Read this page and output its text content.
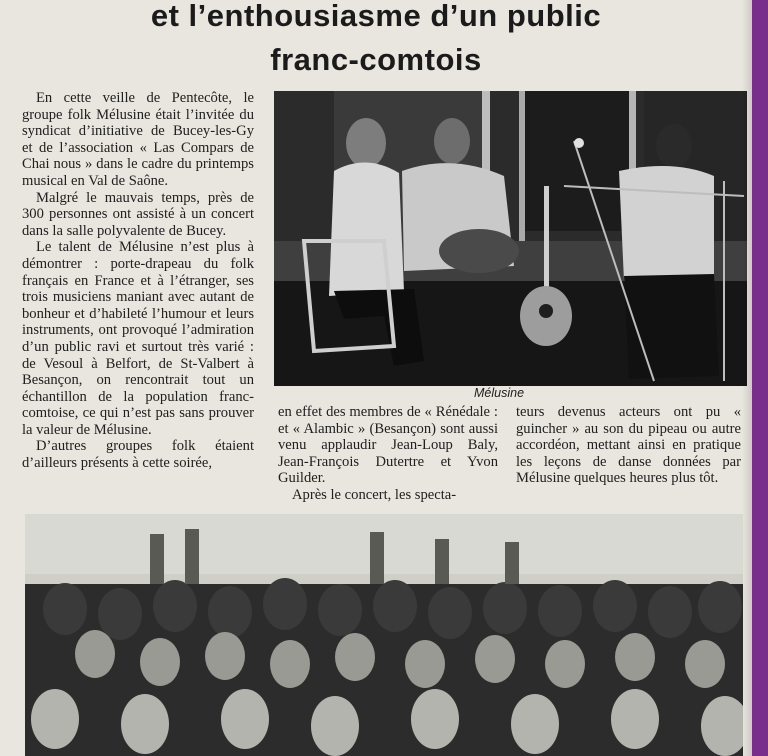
et l’enthousiasme d’un public
franc-comtois

En cette veille de Pentecôte, le groupe folk Mélusine était l’invitée du syndicat d’initiative de Bucey-les-Gy et de l’association « Las Compars de Chai nous » dans le cadre du printemps musical en Val de Saône.

Malgré le mauvais temps, près de 300 personnes ont assisté à un concert dans la salle polyvalente de Bucey.

Le talent de Mélusine n’est plus à démontrer : porte-drapeau du folk français en France et à l’étranger, ses trois musiciens maniant avec autant de bonheur et d’habileté l’humour et leurs instruments, ont provoqué l’admiration d’un public ravi et surtout très varié : de Vesoul à Belfort, de St-Valbert à Besançon, on rencontrait tout un échantillon de la population franc-comtoise, ce qui n’est pas sans prouver la valeur de Mélusine.

D’autres groupes folk étaient d’ailleurs présents à cette soirée,

Mélusine

en effet des membres de « Rénédale : et « Alambic » (Besançon) sont aussi venu applaudir Jean-Loup Baly, Jean-François Dutertre et Yvon Guilder.

Après le concert, les specta-

teurs devenus acteurs ont pu « guincher » au son du pipeau ou autre accordéon, mettant ainsi en pratique les leçons de danse données par Mélusine quelques heures plus tôt.
